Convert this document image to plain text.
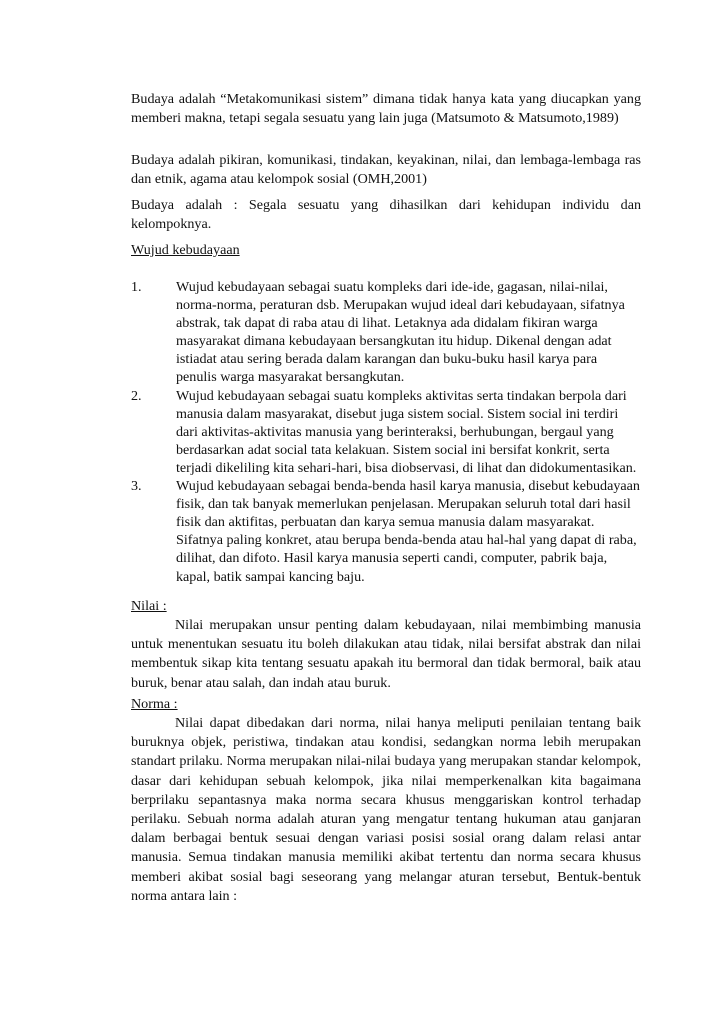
Budaya adalah “Metakomunikasi sistem” dimana tidak hanya kata yang diucapkan yang memberi makna, tetapi segala sesuatu yang lain juga (Matsumoto & Matsumoto,1989)

Budaya adalah pikiran, komunikasi, tindakan, keyakinan, nilai, dan lembaga-lembaga ras dan etnik, agama atau kelompok sosial (OMH,2001)

Budaya adalah : Segala sesuatu yang dihasilkan dari kehidupan individu dan kelompoknya.

Wujud kebudayaan

1. Wujud kebudayaan sebagai suatu kompleks dari ide-ide, gagasan, nilai-nilai, norma-norma, peraturan dsb. Merupakan wujud ideal dari kebudayaan, sifatnya abstrak, tak dapat di raba atau di lihat. Letaknya ada didalam fikiran warga masyarakat dimana kebudayaan bersangkutan itu hidup. Dikenal dengan adat istiadat atau sering berada dalam karangan dan buku-buku hasil karya para penulis warga masyarakat bersangkutan.
2. Wujud kebudayaan sebagai suatu kompleks aktivitas serta tindakan berpola dari manusia dalam masyarakat, disebut juga sistem social. Sistem social ini terdiri dari aktivitas-aktivitas manusia yang berinteraksi, berhubungan, bergaul yang berdasarkan adat social tata kelakuan. Sistem social ini bersifat konkrit, serta terjadi dikeliling kita sehari-hari, bisa diobservasi, di lihat dan didokumentasikan.
3. Wujud kebudayaan sebagai benda-benda hasil karya manusia, disebut kebudayaan fisik, dan tak banyak memerlukan penjelasan. Merupakan seluruh total dari hasil fisik dan aktifitas, perbuatan dan karya semua manusia dalam masyarakat. Sifatnya paling konkret, atau berupa benda-benda atau hal-hal yang dapat di raba, dilihat, dan difoto. Hasil karya manusia seperti candi, computer, pabrik baja, kapal, batik sampai kancing baju.

Nilai :

Nilai merupakan unsur penting dalam kebudayaan, nilai membimbing manusia untuk menentukan sesuatu itu boleh dilakukan atau tidak, nilai bersifat abstrak dan nilai membentuk sikap kita tentang sesuatu apakah itu bermoral dan tidak bermoral, baik atau buruk, benar atau salah, dan indah atau buruk.

Norma :

Nilai dapat dibedakan dari norma, nilai hanya meliputi penilaian tentang baik buruknya objek, peristiwa, tindakan atau kondisi, sedangkan norma lebih merupakan standart prilaku. Norma merupakan nilai-nilai budaya yang merupakan standar kelompok, dasar dari kehidupan sebuah kelompok, jika nilai memperkenalkan kita bagaimana berprilaku sepantasnya maka norma secara khusus menggariskan kontrol terhadap perilaku. Sebuah norma adalah aturan yang mengatur tentang hukuman atau ganjaran dalam berbagai bentuk sesuai dengan variasi posisi sosial orang dalam relasi antar manusia. Semua tindakan manusia memiliki akibat tertentu dan norma secara khusus memberi akibat sosial bagi seseorang yang melangar aturan tersebut, Bentuk-bentuk norma antara lain :
